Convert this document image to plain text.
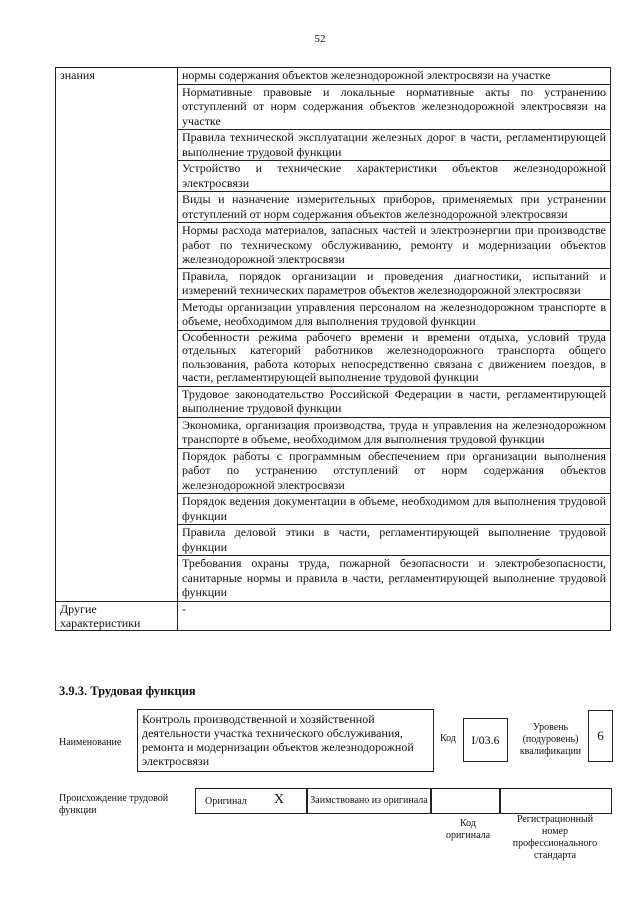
52
знания	нормы содержания объектов железнодорожной электросвязи на участке
	Нормативные правовые и локальные нормативные акты по устранению отступлений от норм содержания объектов железнодорожной электросвязи на участке
	Правила технической эксплуатации железных дорог в части, регламентирующей выполнение трудовой функции
	Устройство и технические характеристики объектов железнодорожной электросвязи
	Виды и назначение измерительных приборов, применяемых при устранении отступлений от норм содержания объектов железнодорожной электросвязи
	Нормы расхода материалов, запасных частей и электроэнергии при производстве работ по техническому обслуживанию, ремонту и модернизации объектов железнодорожной электросвязи
	Правила, порядок организации и проведения диагностики, испытаний и измерений технических параметров объектов железнодорожной электросвязи
	Методы организации управления персоналом на железнодорожном транспорте в объеме, необходимом для выполнения трудовой функции
	Особенности режима рабочего времени и времени отдыха, условий труда отдельных категорий работников железнодорожного транспорта общего пользования, работа которых непосредственно связана с движением поездов, в части, регламентирующей выполнение трудовой функции
	Трудовое законодательство Российской Федерации в части, регламентирующей выполнение трудовой функции
	Экономика, организация производства, труда и управления на железнодорожном транспорте в объеме, необходимом для выполнения трудовой функции
	Порядок работы с программным обеспечением при организации выполнения работ по устранению отступлений от норм содержания объектов железнодорожной электросвязи
	Порядок ведения документации в объеме, необходимом для выполнения трудовой функции
	Правила деловой этики в части, регламентирующей выполнение трудовой функции
	Требования охраны труда, пожарной безопасности и электробезопасности, санитарные нормы и правила в части, регламентирующей выполнение трудовой функции
Другие характеристики	-
3.9.3. Трудовая функция
Наименование
Контроль производственной и хозяйственной деятельности участка технического обслуживания, ремонта и модернизации объектов железнодорожной электросвязи
Код	I/03.6
Уровень (подуровень) квалификации
6
Происхождение трудовой функции
Оригинал X	Заимствовано из оригинала
Код оригинала
Регистрационный номер профессионального стандарта
